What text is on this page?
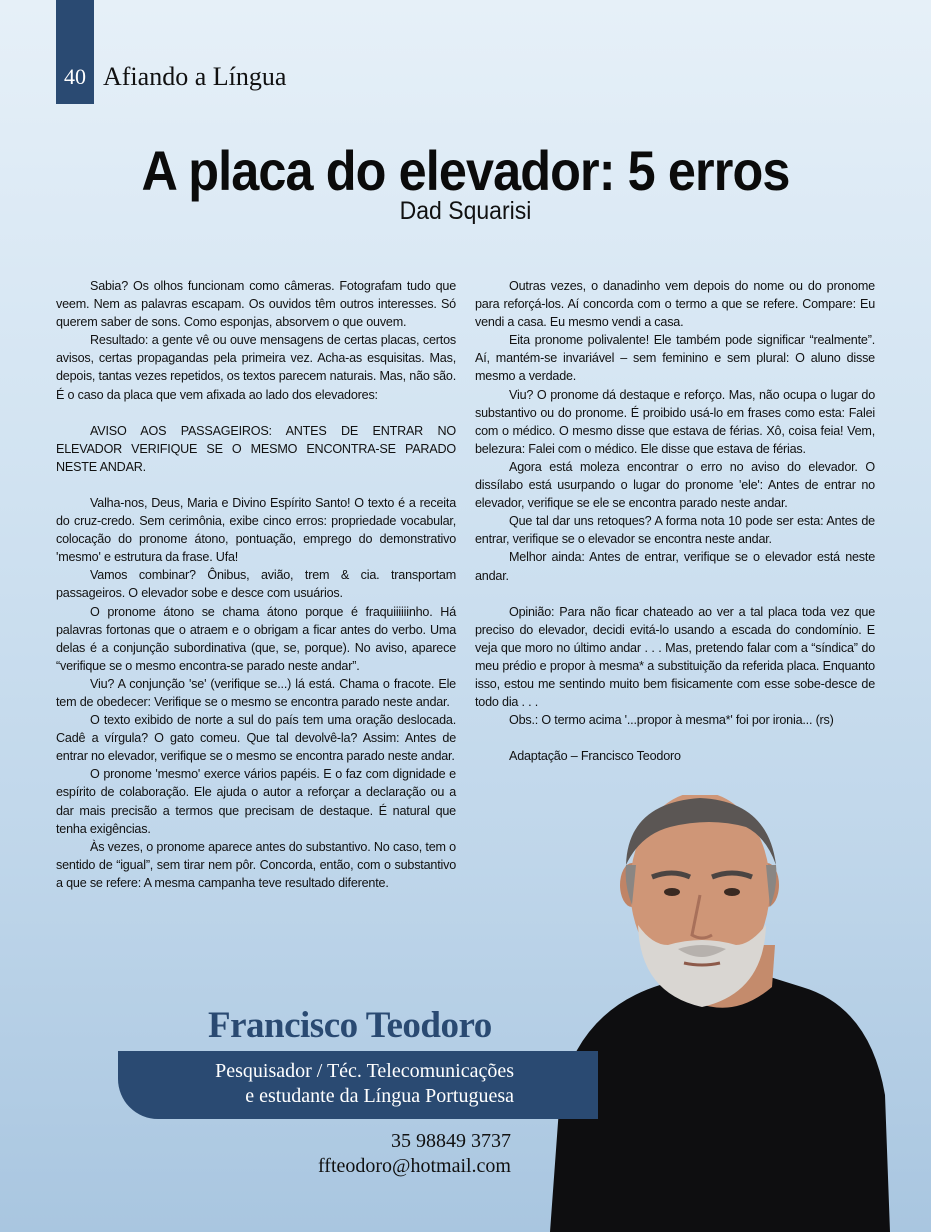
40 Afiando a Língua
A placa do elevador: 5 erros
Dad Squarisi

Sabia? Os olhos funcionam como câmeras. Fotografam tudo que veem. Nem as palavras escapam. Os ouvidos têm outros interesses. Só querem saber de sons. Como esponjas, absorvem o que ouvem.

Resultado: a gente vê ou ouve mensagens de certas placas, certos avisos, certas propagandas pela primeira vez. Acha-as esquisitas. Mas, depois, tantas vezes repetidos, os textos parecem naturais. Mas, não são. É o caso da placa que vem afixada ao lado dos elevadores:

AVISO AOS PASSAGEIROS: ANTES DE ENTRAR NO ELEVADOR VERIFIQUE SE O MESMO ENCONTRA-SE PARADO NESTE ANDAR.

Valha-nos, Deus, Maria e Divino Espírito Santo! O texto é a receita do cruz-credo. Sem cerimônia, exibe cinco erros: propriedade vocabular, colocação do pronome átono, pontuação, emprego do demonstrativo 'mesmo' e estrutura da frase. Ufa!

Vamos combinar? Ônibus, avião, trem & cia. transportam passageiros. O elevador sobe e desce com usuários.

O pronome átono se chama átono porque é fraquiiiiiinho. Há palavras fortonas que o atraem e o obrigam a ficar antes do verbo. Uma delas é a conjunção subordinativa (que, se, porque). No aviso, aparece “verifique se o mesmo encontra-se parado neste andar”.

Viu? A conjunção 'se' (verifique se...) lá está. Chama o fracote. Ele tem de obedecer: Verifique se o mesmo se encontra parado neste andar.

O texto exibido de norte a sul do país tem uma oração deslocada. Cadê a vírgula? O gato comeu. Que tal devolvê-la? Assim: Antes de entrar no elevador, verifique se o mesmo se encontra parado neste andar.

O pronome 'mesmo' exerce vários papéis. E o faz com dignidade e espírito de colaboração. Ele ajuda o autor a reforçar a declaração ou a dar mais precisão a termos que precisam de destaque. É natural que tenha exigências.

Às vezes, o pronome aparece antes do substantivo. No caso, tem o sentido de “igual”, sem tirar nem pôr. Concorda, então, com o substantivo a que se refere: A mesma campanha teve resultado diferente.

Outras vezes, o danadinho vem depois do nome ou do pronome para reforçá-los. Aí concorda com o termo a que se refere. Compare: Eu vendi a casa. Eu mesmo vendi a casa.

Eita pronome polivalente! Ele também pode significar “realmente”. Aí, mantém-se invariável – sem feminino e sem plural: O aluno disse mesmo a verdade.

Viu? O pronome dá destaque e reforço. Mas, não ocupa o lugar do substantivo ou do pronome. É proibido usá-lo em frases como esta: Falei com o médico. O mesmo disse que estava de férias. Xô, coisa feia! Vem, belezura: Falei com o médico. Ele disse que estava de férias.

Agora está moleza encontrar o erro no aviso do elevador. O dissílabo está usurpando o lugar do pronome 'ele': Antes de entrar no elevador, verifique se ele se encontra parado neste andar.

Que tal dar uns retoques? A forma nota 10 pode ser esta: Antes de entrar, verifique se o elevador se encontra neste andar.

Melhor ainda: Antes de entrar, verifique se o elevador está neste andar.

Opinião: Para não ficar chateado ao ver a tal placa toda vez que preciso do elevador, decidi evitá-lo usando a escada do condomínio. E veja que moro no último andar . . . Mas, pretendo falar com a “síndica” do meu prédio e propor à mesma* a substituição da referida placa. Enquanto isso, estou me sentindo muito bem fisicamente com esse sobe-desce de todo dia . . .

Obs.: O termo acima '...propor à mesma*' foi por ironia... (rs)

Adaptação – Francisco Teodoro

Francisco Teodoro
Pesquisador / Téc. Telecomunicações
e estudante da Língua Portuguesa
35 98849 3737
ffteodoro@hotmail.com
